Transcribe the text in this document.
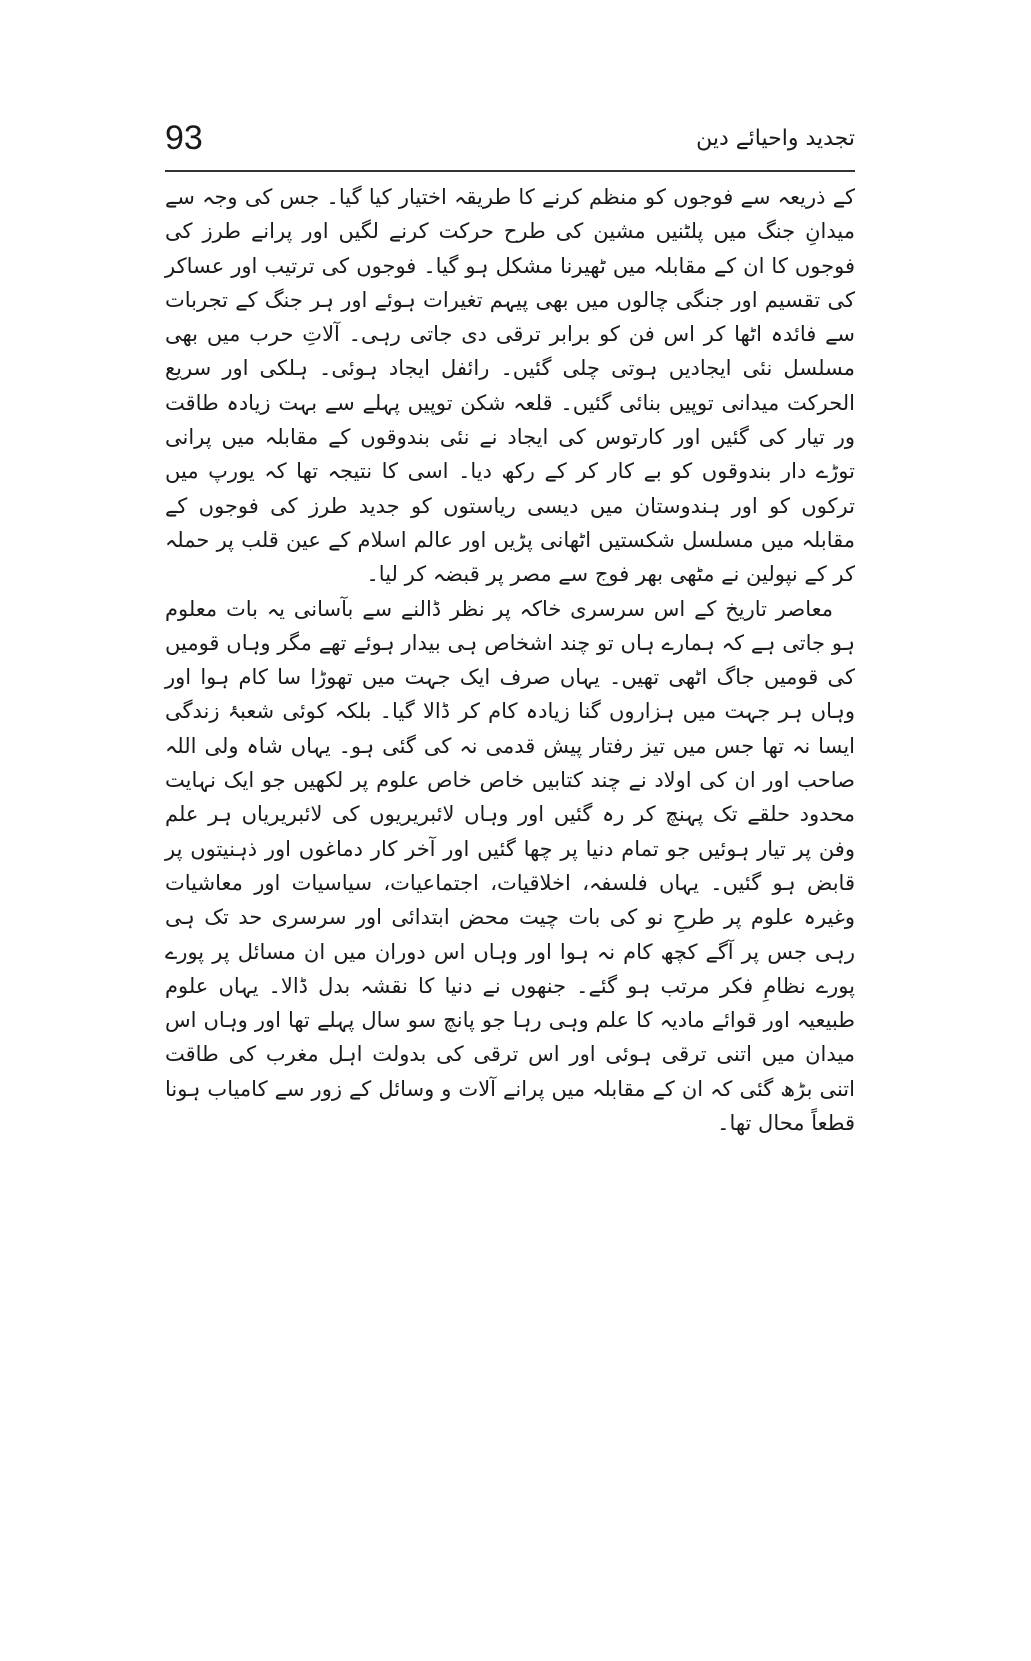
93	تجدید واحیائے دین

کے ذریعہ سے فوجوں کو منظم کرنے کا طریقہ اختیار کیا گیا۔ جس کی وجہ سے میدانِ جنگ میں پلٹنیں مشین کی طرح حرکت کرنے لگیں اور پرانے طرز کی فوجوں کا ان کے مقابلہ میں ٹھیرنا مشکل ہو گیا۔ فوجوں کی ترتیب اور عساکر کی تقسیم اور جنگی چالوں میں بھی پیہم تغیرات ہوئے اور ہر جنگ کے تجربات سے فائدہ اٹھا کر اس فن کو برابر ترقی دی جاتی رہی۔ آلاتِ حرب میں بھی مسلسل نئی ایجادیں ہوتی چلی گئیں۔ رائفل ایجاد ہوئی۔ ہلکی اور سریع الحرکت میدانی توپیں بنائی گئیں۔ قلعہ شکن توپیں پہلے سے بہت زیادہ طاقت ور تیار کی گئیں اور کارتوس کی ایجاد نے نئی بندوقوں کے مقابلہ میں پرانی توڑے دار بندوقوں کو بے کار کر کے رکھ دیا۔ اسی کا نتیجہ تھا کہ یورپ میں ترکوں کو اور ہندوستان میں دیسی ریاستوں کو جدید طرز کی فوجوں کے مقابلہ میں مسلسل شکستیں اٹھانی پڑیں اور عالم اسلام کے عین قلب پر حملہ کر کے نپولین نے مٹھی بھر فوج سے مصر پر قبضہ کر لیا۔

معاصر تاریخ کے اس سرسری خاکہ پر نظر ڈالنے سے بآسانی یہ بات معلوم ہو جاتی ہے کہ ہمارے ہاں تو چند اشخاص ہی بیدار ہوئے تھے مگر وہاں قومیں کی قومیں جاگ اٹھی تھیں۔ یہاں صرف ایک جہت میں تھوڑا سا کام ہوا اور وہاں ہر جہت میں ہزاروں گنا زیادہ کام کر ڈالا گیا۔ بلکہ کوئی شعبۂ زندگی ایسا نہ تھا جس میں تیز رفتار پیش قدمی نہ کی گئی ہو۔ یہاں شاہ ولی اللہ صاحب اور ان کی اولاد نے چند کتابیں خاص خاص علوم پر لکھیں جو ایک نہایت محدود حلقے تک پہنچ کر رہ گئیں اور وہاں لائبریریوں کی لائبریریاں ہر علم وفن پر تیار ہوئیں جو تمام دنیا پر چھا گئیں اور آخر کار دماغوں اور ذہنیتوں پر قابض ہو گئیں۔ یہاں فلسفہ، اخلاقیات، اجتماعیات، سیاسیات اور معاشیات وغیرہ علوم پر طرحِ نو کی بات چیت محض ابتدائی اور سرسری حد تک ہی رہی جس پر آگے کچھ کام نہ ہوا اور وہاں اس دوران میں ان مسائل پر پورے پورے نظامِ فکر مرتب ہو گئے۔ جنھوں نے دنیا کا نقشہ بدل ڈالا۔ یہاں علوم طبیعیہ اور قوائے مادیہ کا علم وہی رہا جو پانچ سو سال پہلے تھا اور وہاں اس میدان میں اتنی ترقی ہوئی اور اس ترقی کی بدولت اہل مغرب کی طاقت اتنی بڑھ گئی کہ ان کے مقابلہ میں پرانے آلات و وسائل کے زور سے کامیاب ہونا قطعاً محال تھا۔
